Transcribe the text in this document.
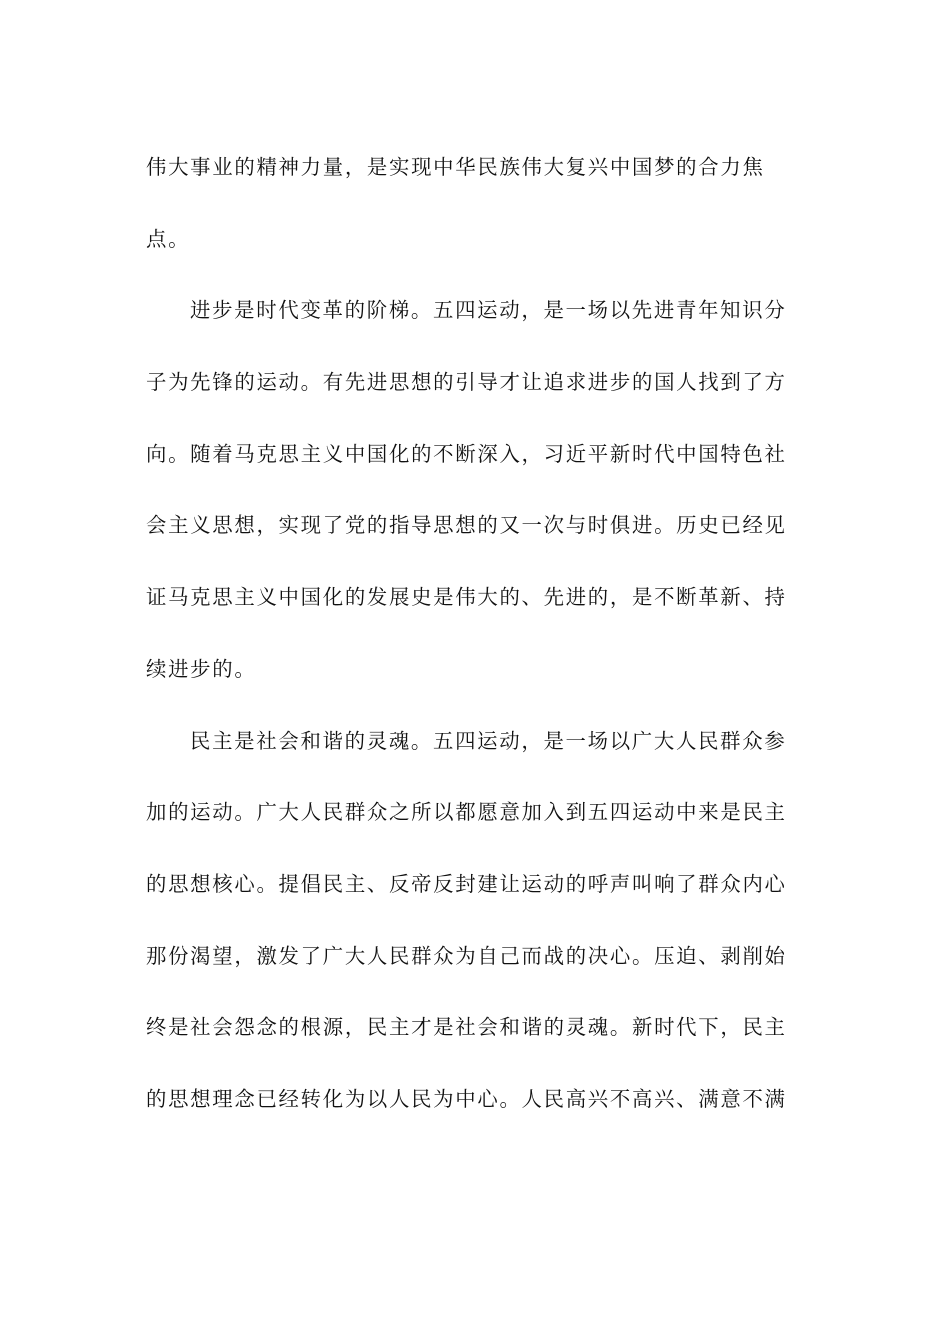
伟大事业的精神力量，是实现中华民族伟大复兴中国梦的合力焦
点。
进步是时代变革的阶梯。五四运动，是一场以先进青年知识分
子为先锋的运动。有先进思想的引导才让追求进步的国人找到了方
向。随着马克思主义中国化的不断深入，习近平新时代中国特色社
会主义思想，实现了党的指导思想的又一次与时俱进。历史已经见
证马克思主义中国化的发展史是伟大的、先进的，是不断革新、持
续进步的。
民主是社会和谐的灵魂。五四运动，是一场以广大人民群众参
加的运动。广大人民群众之所以都愿意加入到五四运动中来是民主
的思想核心。提倡民主、反帝反封建让运动的呼声叫响了群众内心
那份渴望，激发了广大人民群众为自己而战的决心。压迫、剥削始
终是社会怨念的根源，民主才是社会和谐的灵魂。新时代下，民主
的思想理念已经转化为以人民为中心。人民高兴不高兴、满意不满
